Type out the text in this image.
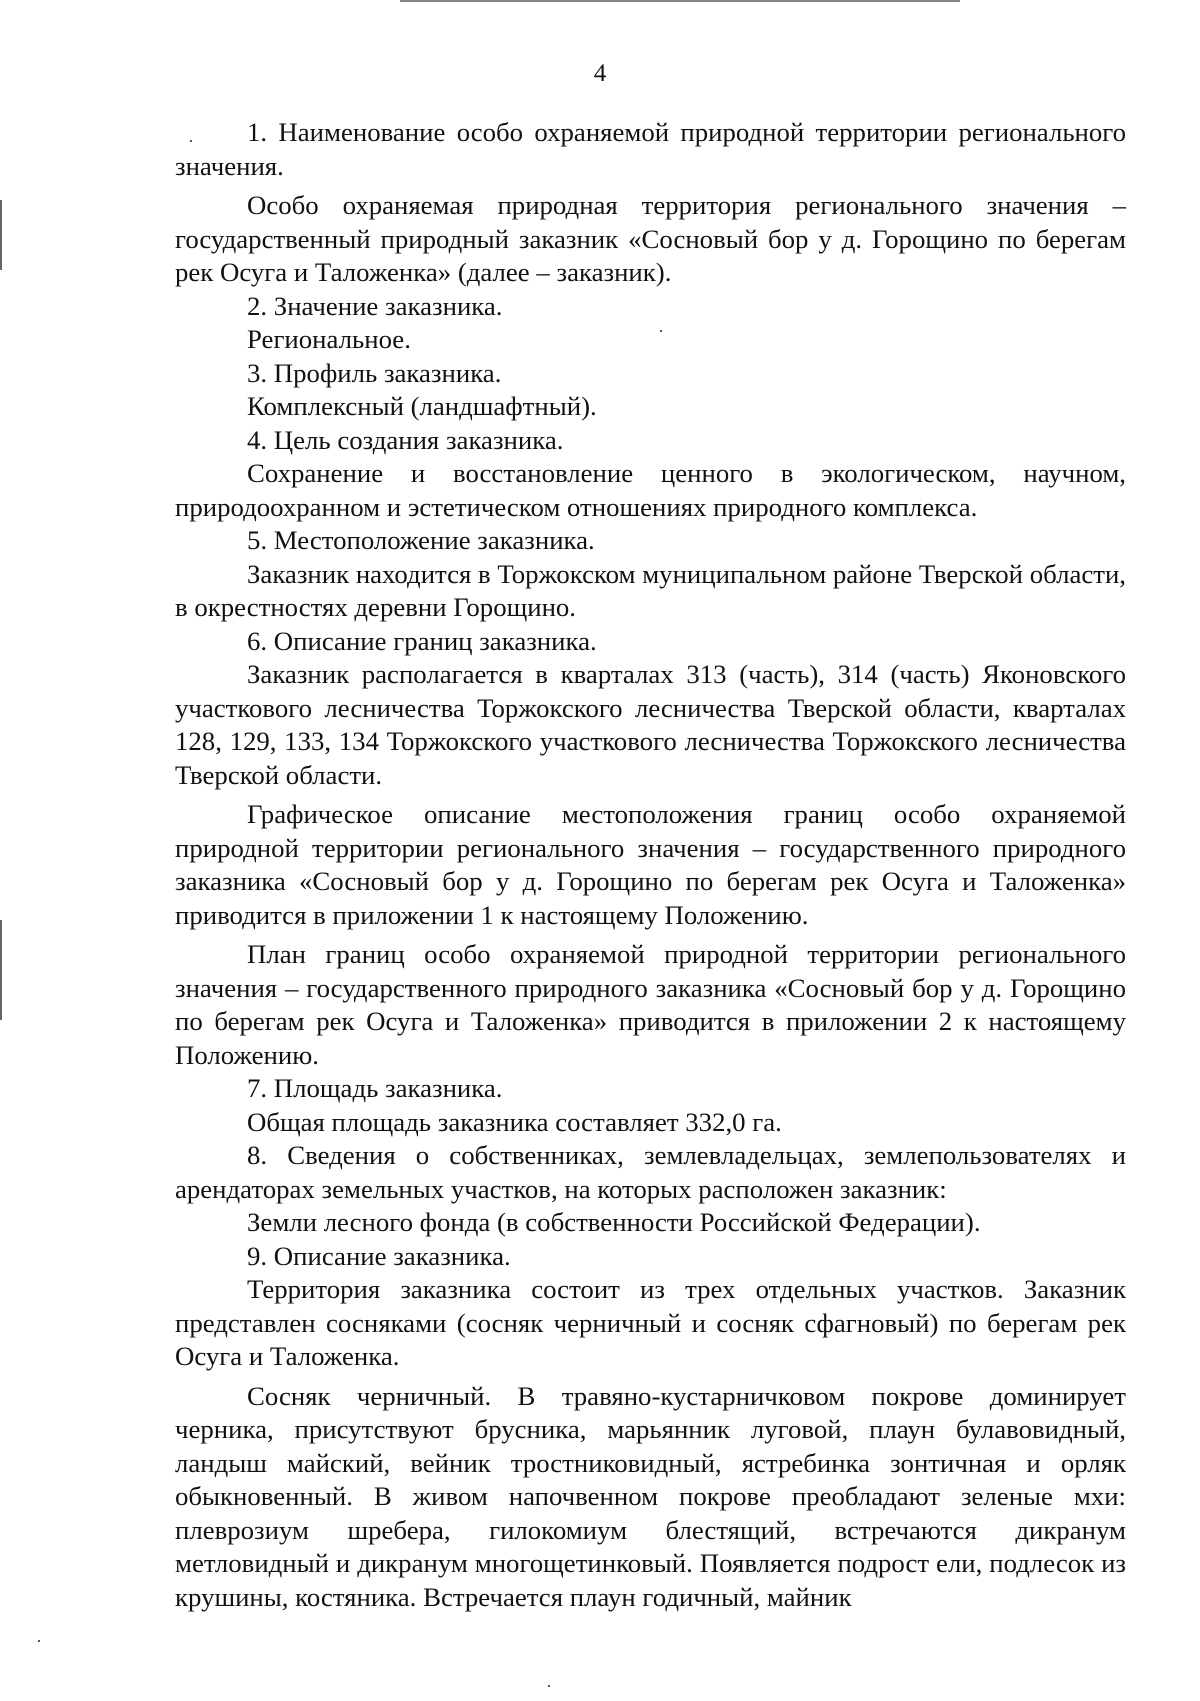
4

1. Наименование особо охраняемой природной территории регионального значения.

Особо охраняемая природная территория регионального значения – государственный природный заказник «Сосновый бор у д. Горощино по берегам рек Осуга и Таложенка» (далее – заказник).

2. Значение заказника.

Региональное.

3. Профиль заказника.

Комплексный (ландшафтный).

4. Цель создания заказника.

Сохранение и восстановление ценного в экологическом, научном, природоохранном и эстетическом отношениях природного комплекса.

5. Местоположение заказника.

Заказник находится в Торжокском муниципальном районе Тверской области, в окрестностях деревни Горощино.

6. Описание границ заказника.

Заказник располагается в кварталах 313 (часть), 314 (часть) Яконовского участкового лесничества Торжокского лесничества Тверской области, кварталах 128, 129, 133, 134 Торжокского участкового лесничества Торжокского лесничества Тверской области.

Графическое описание местоположения границ особо охраняемой природной территории регионального значения – государственного природного заказника «Сосновый бор у д. Горощино по берегам рек Осуга и Таложенка» приводится в приложении 1 к настоящему Положению.

План границ особо охраняемой природной территории регионального значения – государственного природного заказника «Сосновый бор у д. Горощино по берегам рек Осуга и Таложенка» приводится в приложении 2 к настоящему Положению.

7. Площадь заказника.

Общая площадь заказника составляет 332,0 га.

8. Сведения о собственниках, землевладельцах, землепользователях и арендаторах земельных участков, на которых расположен заказник:

Земли лесного фонда (в собственности Российской Федерации).

9. Описание заказника.

Территория заказника состоит из трех отдельных участков. Заказник представлен сосняками (сосняк черничный и сосняк сфагновый) по берегам рек Осуга и Таложенка.

Сосняк черничный. В травяно-кустарничковом покрове доминирует черника, присутствуют брусника, марьянник луговой, плаун булавовидный, ландыш майский, вейник тростниковидный, ястребинка зонтичная и орляк обыкновенный. В живом напочвенном покрове преобладают зеленые мхи: плеврозиум шребера, гилокомиум блестящий, встречаются дикранум метловидный и дикранум многощетинковый. Появляется подрост ели, подлесок из крушины, костяника. Встречается плаун годичный, майник
